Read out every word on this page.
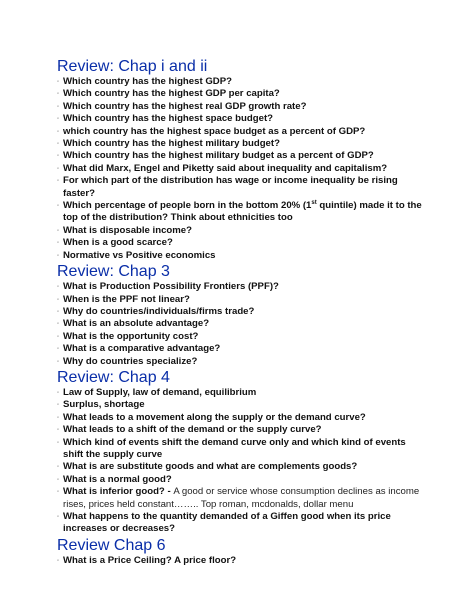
Review: Chap i and ii
◦ Which country has the highest GDP?
◦ Which country has the highest GDP per capita?
◦ Which country has the highest real GDP growth rate?
◦ Which country has the highest space budget?
◦ which country has the highest space budget as a percent of GDP?
◦ Which country has the highest military budget?
◦ Which country has the highest military budget as a percent of GDP?
◦ What did Marx, Engel and Piketty said about inequality and capitalism?
◦ For which part of the distribution has wage or income inequality be rising faster?
◦ Which percentage of people born in the bottom 20% (1st quintile) made it to the top of the distribution? Think about ethnicities too
◦ What is disposable income?
◦ When is a good scarce?
◦ Normative vs Positive economics
Review: Chap 3
◦ What is Production Possibility Frontiers (PPF)?
◦ When is the PPF not linear?
◦ Why do countries/individuals/firms trade?
◦ What is an absolute advantage?
◦ What is the opportunity cost?
◦ What is a comparative advantage?
◦ Why do countries specialize?
Review: Chap 4
◦ Law of Supply, law of demand, equilibrium
◦ Surplus, shortage
◦ What leads to a movement along the supply or the demand curve?
◦ What leads to a shift of the demand or the supply curve?
◦ Which kind of events shift the demand curve only and which kind of events shift the supply curve
◦ What is are substitute goods and what are complements goods?
◦ What is a normal good?
◦ What is inferior good? - A good or service whose consumption declines as income rises, prices held constant…….. Top roman, mcdonalds, dollar menu
◦ What happens to the quantity demanded of a Giffen good when its price increases or decreases?
Review Chap 6
◦ What is a Price Ceiling? A price floor?
